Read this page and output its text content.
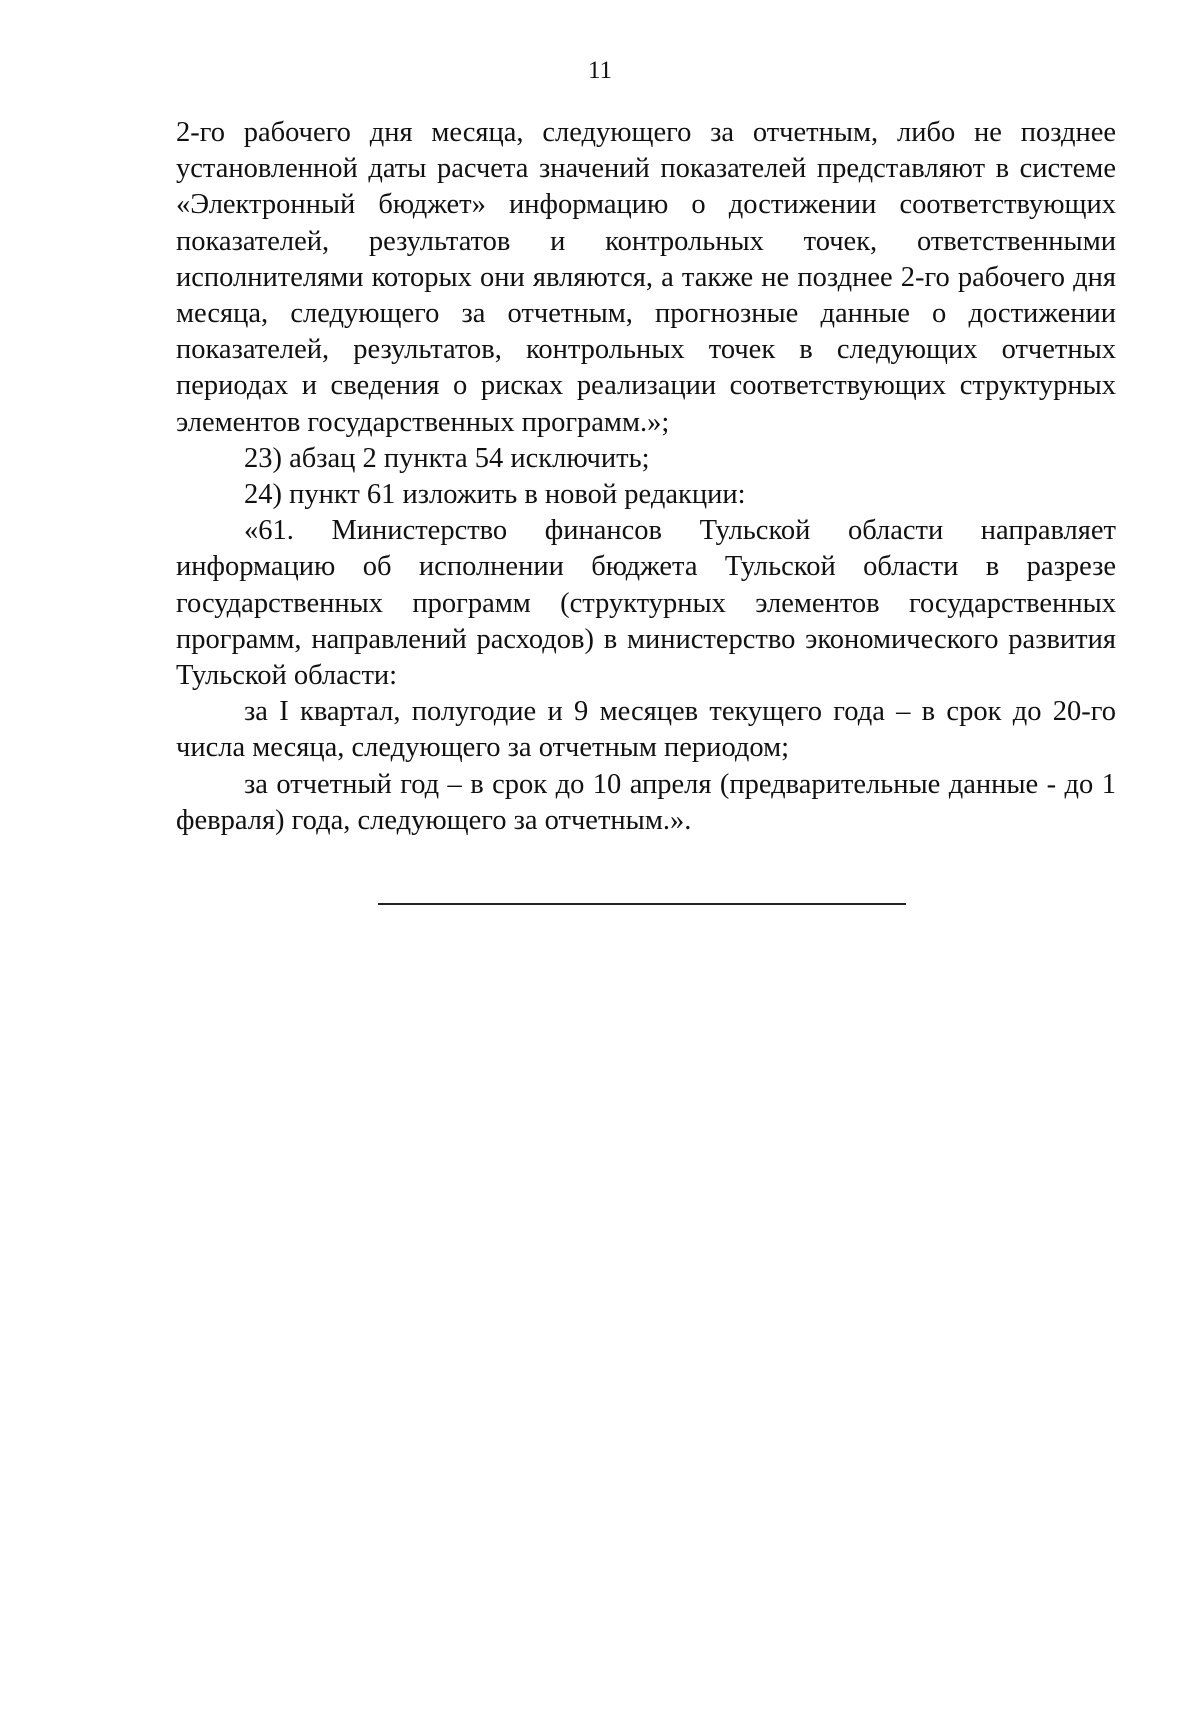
11

2-го рабочего дня месяца, следующего за отчетным, либо не позднее установленной даты расчета значений показателей представляют в системе «Электронный бюджет» информацию о достижении соответствующих показателей, результатов и контрольных точек, ответственными исполнителями которых они являются, а также не позднее 2-го рабочего дня месяца, следующего за отчетным, прогнозные данные о достижении показателей, результатов, контрольных точек в следующих отчетных периодах и сведения о рисках реализации соответствующих структурных элементов государственных программ.»;

23) абзац 2 пункта 54 исключить;

24) пункт 61 изложить в новой редакции:

«61. Министерство финансов Тульской области направляет информацию об исполнении бюджета Тульской области в разрезе государственных программ (структурных элементов государственных программ, направлений расходов) в министерство экономического развития Тульской области:

за I квартал, полугодие и 9 месяцев текущего года – в срок до 20-го числа месяца, следующего за отчетным периодом;

за отчетный год – в срок до 10 апреля (предварительные данные - до 1 февраля) года, следующего за отчетным.».
